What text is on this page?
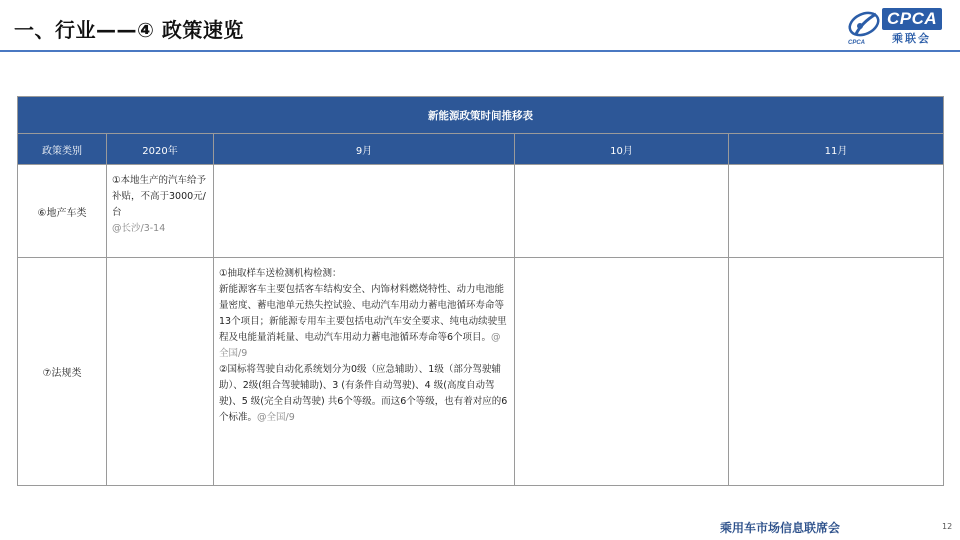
一、行业——④ 政策速览
CPCA
CPCA
乘联会
新能源政策时间推移表				
政策类别	2020年	9月	10月	11月
⑥地产车类	①本地生产的汽车给予补贴，不高于3000元/台
@长沙/3-14			

⑦法规类		①抽取样车送检测机构检测：
新能源客车主要包括客车结构安全、内饰材料燃烧特性、动力电池能量密度、蓄电池单元热失控试验、电动汽车用动力蓄电池循环寿命等13个项目；新能源专用车主要包括电动汽车安全要求、纯电动续驶里程及电能量消耗量、电动汽车用动力蓄电池循环寿命等6个项目。@全国/9
②国标将驾驶自动化系统划分为0级（应急辅助）、1级（部分驾驶辅助）、2级(组合驾驶辅助)、3 (有条件自动驾驶)、4 级(高度自动驾驶)、5 级(完全自动驾驶) 共6个等级。而这6个等级，也有着对应的6个标准。@全国/9		

乘用车市场信息联席会	12
